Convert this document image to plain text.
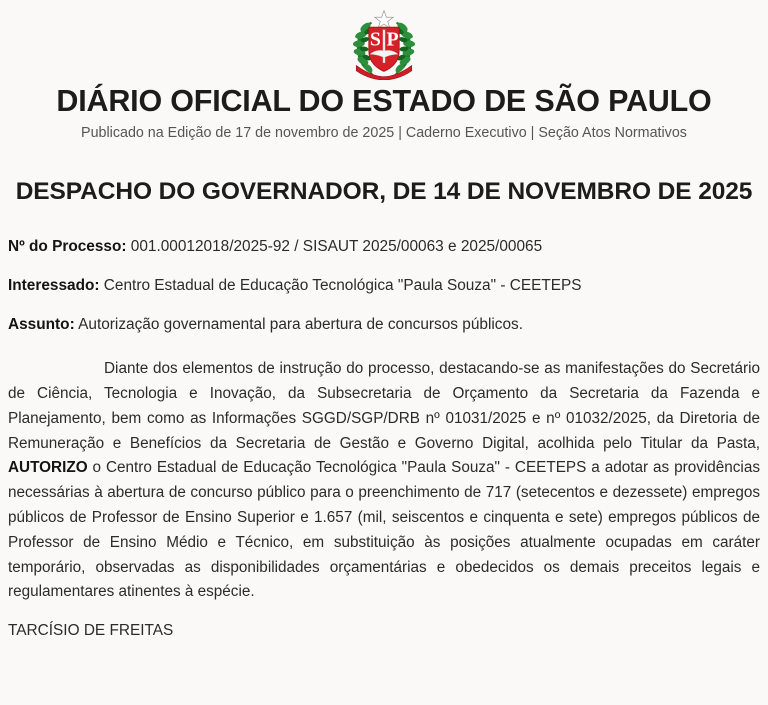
S P
DIÁRIO OFICIAL DO ESTADO DE SÃO PAULO
Publicado na Edição de 17 de novembro de 2025 | Caderno Executivo | Seção Atos Normativos
DESPACHO DO GOVERNADOR, DE 14 DE NOVEMBRO DE 2025
Nº do Processo: 001.00012018/2025-92 / SISAUT 2025/00063 e 2025/00065
Interessado: Centro Estadual de Educação Tecnológica "Paula Souza" - CEETEPS
Assunto: Autorização governamental para abertura de concursos públicos.

Diante dos elementos de instrução do processo, destacando-se as manifestações do Secretário de Ciência, Tecnologia e Inovação, da Subsecretaria de Orçamento da Secretaria da Fazenda e Planejamento, bem como as Informações SGGD/SGP/DRB nº 01031/2025 e nº 01032/2025, da Diretoria de Remuneração e Benefícios da Secretaria de Gestão e Governo Digital, acolhida pelo Titular da Pasta, AUTORIZO o Centro Estadual de Educação Tecnológica "Paula Souza" - CEETEPS a adotar as providências necessárias à abertura de concurso público para o preenchimento de 717 (setecentos e dezessete) empregos públicos de Professor de Ensino Superior e 1.657 (mil, seiscentos e cinquenta e sete) empregos públicos de Professor de Ensino Médio e Técnico, em substituição às posições atualmente ocupadas em caráter temporário, observadas as disponibilidades orçamentárias e obedecidos os demais preceitos legais e regulamentares atinentes à espécie.

TARCÍSIO DE FREITAS
